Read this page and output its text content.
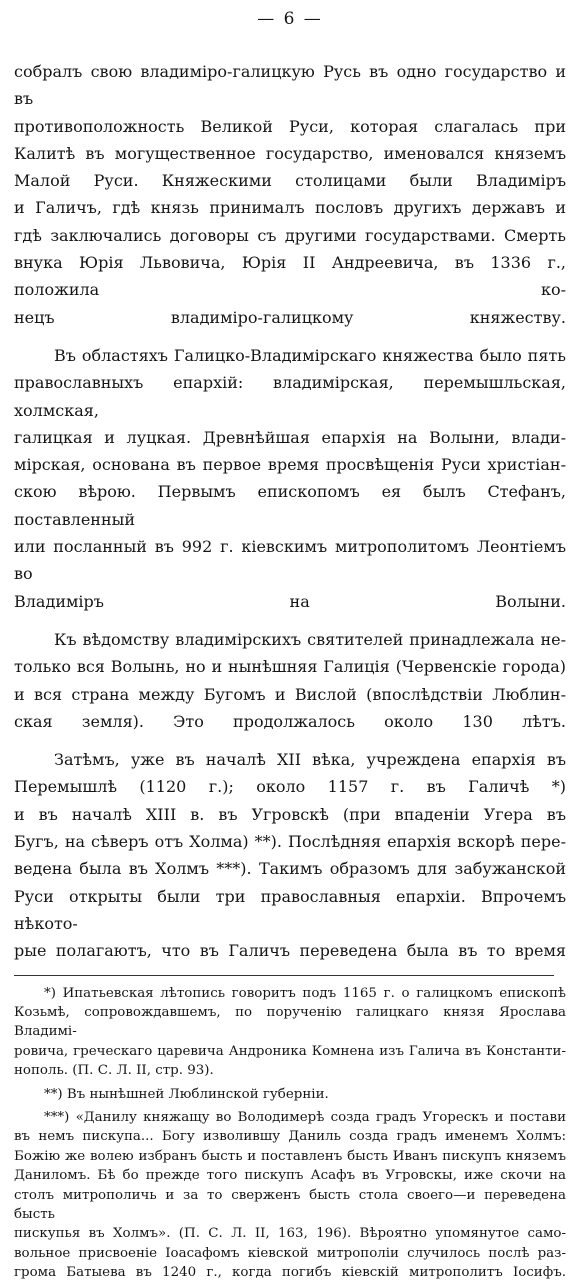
— 6 —

собралъ свою владиміро-галицкую Русь въ одно государство и въ
противоположность Великой Руси, которая слагалась при
Калитѣ въ могущественное государство, именовался княземъ
Малой Руси. Княжескими столицами были Владиміръ
и Галичъ, гдѣ князь принималъ пословъ другихъ державъ и
гдѣ заключались договоры съ другими государствами. Смерть
внука Юрія Львовича, Юрія II Андреевича, въ 1336 г., положила ко-
нецъ владиміро-галицкому княжеству.

Въ областяхъ Галицко-Владимірскаго княжества было пять
православныхъ епархій: владимірская, перемышльская, холмская,
галицкая и луцкая. Древнѣйшая епархія на Волыни, влади-
мірская, основана въ первое время просвѣщенія Руси христіан-
скою вѣрою. Первымъ епископомъ ея былъ Стефанъ, поставленный
или посланный въ 992 г. кіевскимъ митрополитомъ Леонтіемъ во
Владиміръ на Волыни.

Къ вѣдомству владимірскихъ святителей принадлежала не-
только вся Волынь, но и нынѣшняя Галиція (Червенскіе города)
и вся страна между Бугомъ и Вислой (впослѣдствіи Люблин-
ская земля). Это продолжалось около 130 лѣтъ.

Затѣмъ, уже въ началѣ XII вѣка, учреждена епархія въ
Перемышлѣ (1120 г.); около 1157 г. въ Галичѣ *)
и въ началѣ XIII в. въ Угровскѣ (при впаденіи Угера въ
Бугъ, на сѣверъ отъ Холма) **). Послѣдняя епархія вскорѣ пере-
ведена была въ Холмъ ***). Такимъ образомъ для забужанской
Руси открыты были три православныя епархіи. Впрочемъ нѣкото-
рые полагаютъ, что въ Галичъ переведена была въ то время

*) Ипатьевская лѣтопись говоритъ подъ 1165 г. о галицкомъ епископѣ
Козьмѣ, сопровождавшемъ, по порученію галицкаго князя Ярослава Владимі-
ровича, греческаго царевича Андроника Комнена изъ Галича въ Константи-
нополь. (П. С. Л. II, стр. 93).
**) Въ нынѣшней Люблинской губерніи.
***) «Данилу княжащу во Володимерѣ созда градъ Угорескъ и постави
въ немъ пискупа... Богу изволившу Даниль созда градъ именемъ Холмъ:
Божію же волею избранъ бысть и поставленъ бысть Иванъ пискупъ княземъ
Даниломъ. Бѣ бо прежде того пискупъ Асафъ въ Угровскы, иже скочи на
столъ митрополичь и за то сверженъ бысть стола своего—и переведена бысть
пискупья въ Холмъ». (П. С. Л. II, 163, 196). Вѣроятно упомянутое само-
вольное присвоеніе Іоасафомъ кіевской митрополіи случилось послѣ раз-
грома Батыева въ 1240 г., когда погибъ кіевскій митрополитъ Іосифъ.
